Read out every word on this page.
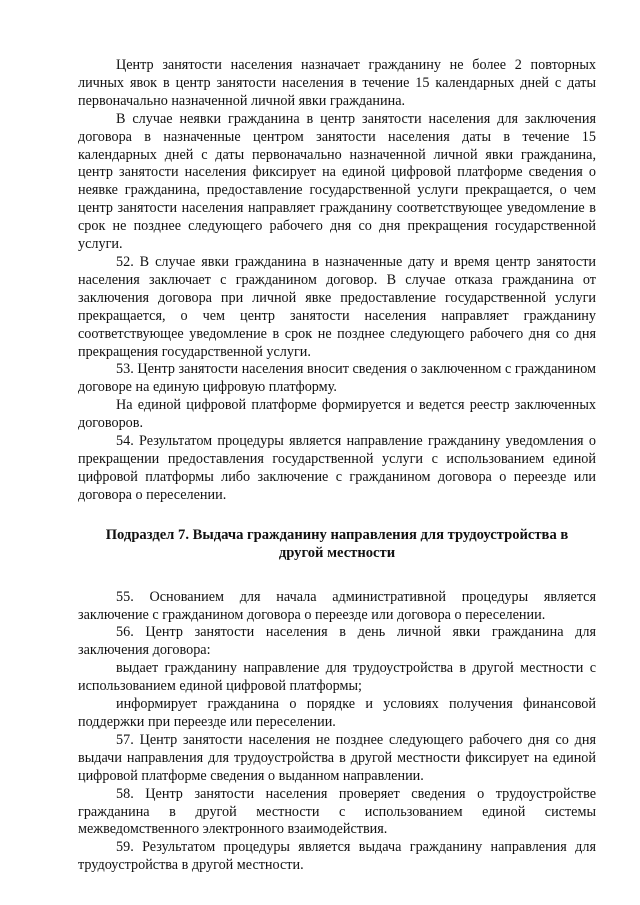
Центр занятости населения назначает гражданину не более 2 повторных личных явок в центр занятости населения в течение 15 календарных дней с даты первоначально назначенной личной явки гражданина.

В случае неявки гражданина в центр занятости населения для заключения договора в назначенные центром занятости населения даты в течение 15 календарных дней с даты первоначально назначенной личной явки гражданина, центр занятости населения фиксирует на единой цифровой платформе сведения о неявке гражданина, предоставление государственной услуги прекращается, о чем центр занятости населения направляет гражданину соответствующее уведомление в срок не позднее следующего рабочего дня со дня прекращения государственной услуги.

52. В случае явки гражданина в назначенные дату и время центр занятости населения заключает с гражданином договор. В случае отказа гражданина от заключения договора при личной явке предоставление государственной услуги прекращается, о чем центр занятости населения направляет гражданину соответствующее уведомление в срок не позднее следующего рабочего дня со дня прекращения государственной услуги.

53. Центр занятости населения вносит сведения о заключенном с гражданином договоре на единую цифровую платформу.

На единой цифровой платформе формируется и ведется реестр заключенных договоров.

54. Результатом процедуры является направление гражданину уведомления о прекращении предоставления государственной услуги с использованием единой цифровой платформы либо заключение с гражданином договора о переезде или договора о переселении.

Подраздел 7. Выдача гражданину направления для трудоустройства в другой местности

55. Основанием для начала административной процедуры является заключение с гражданином договора о переезде или договора о переселении.

56. Центр занятости населения в день личной явки гражданина для заключения договора:

выдает гражданину направление для трудоустройства в другой местности с использованием единой цифровой платформы;

информирует гражданина о порядке и условиях получения финансовой поддержки при переезде или переселении.

57. Центр занятости населения не позднее следующего рабочего дня со дня выдачи направления для трудоустройства в другой местности фиксирует на единой цифровой платформе сведения о выданном направлении.

58. Центр занятости населения проверяет сведения о трудоустройстве гражданина в другой местности с использованием единой системы межведомственного электронного взаимодействия.

59. Результатом процедуры является выдача гражданину направления для трудоустройства в другой местности.
